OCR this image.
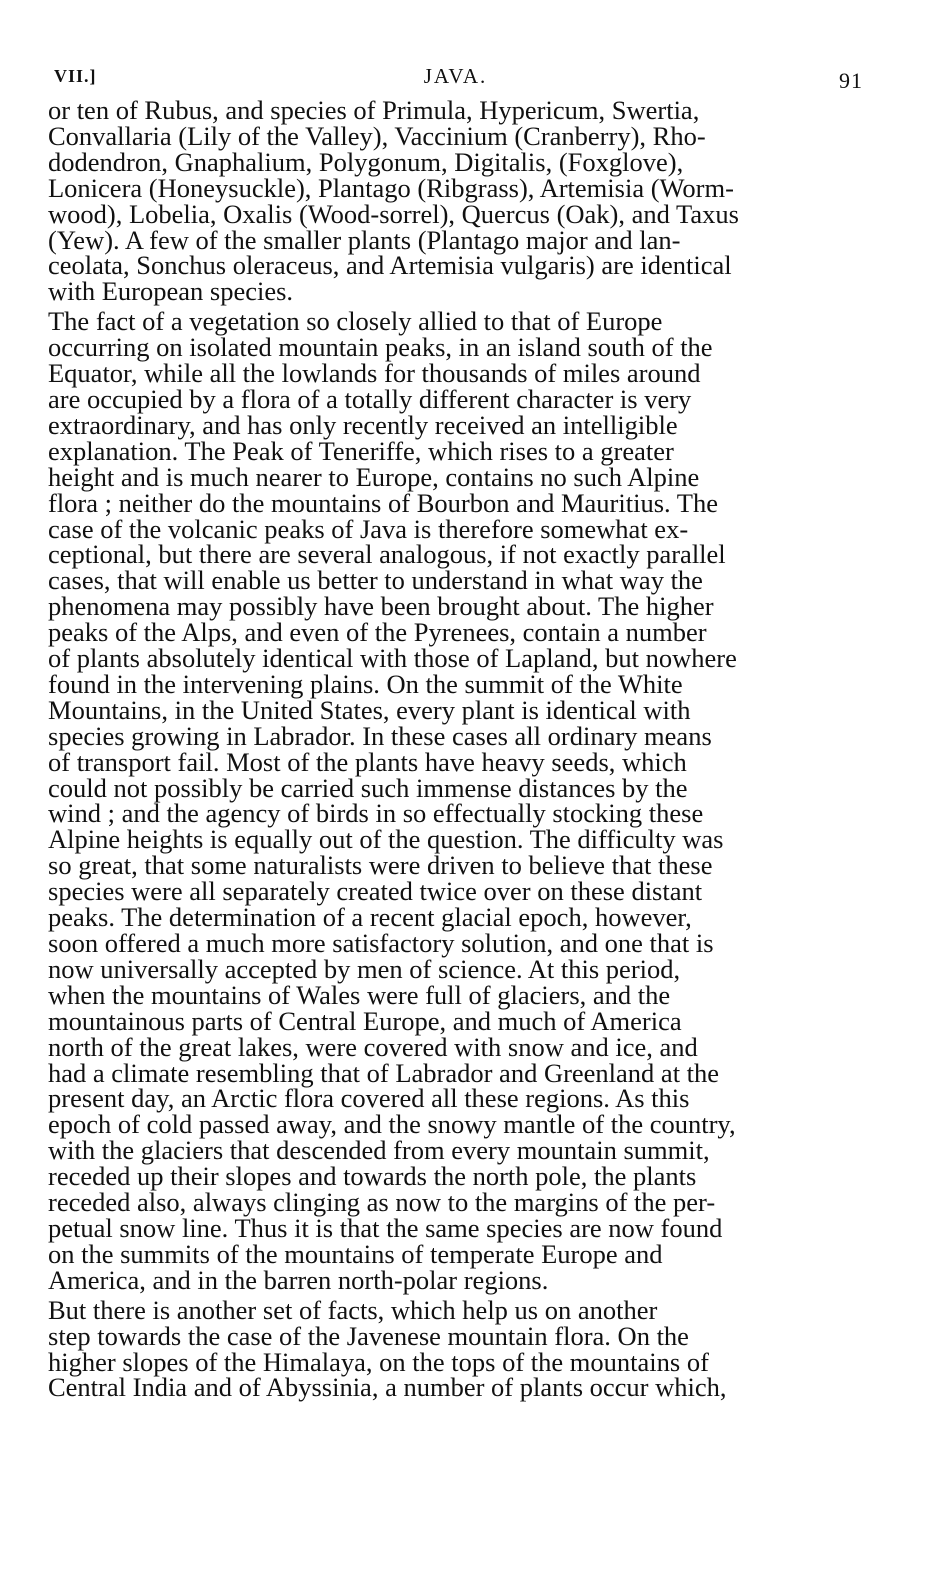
VII.]	JAVA.	91

or ten of Rubus, and species of Primula, Hypericum, Swertia,
Convallaria (Lily of the Valley), Vaccinium (Cranberry), Rho-
dodendron, Gnaphalium, Polygonum, Digitalis, (Foxglove),
Lonicera (Honeysuckle), Plantago (Ribgrass), Artemisia (Worm-
wood), Lobelia, Oxalis (Wood-sorrel), Quercus (Oak), and Taxus
(Yew). A few of the smaller plants (Plantago major and lan-
ceolata, Sonchus oleraceus, and Artemisia vulgaris) are identical
with European species.

The fact of a vegetation so closely allied to that of Europe
occurring on isolated mountain peaks, in an island south of the
Equator, while all the lowlands for thousands of miles around
are occupied by a flora of a totally different character is very
extraordinary, and has only recently received an intelligible
explanation. The Peak of Teneriffe, which rises to a greater
height and is much nearer to Europe, contains no such Alpine
flora ; neither do the mountains of Bourbon and Mauritius. The
case of the volcanic peaks of Java is therefore somewhat ex-
ceptional, but there are several analogous, if not exactly parallel
cases, that will enable us better to understand in what way the
phenomena may possibly have been brought about. The higher
peaks of the Alps, and even of the Pyrenees, contain a number
of plants absolutely identical with those of Lapland, but nowhere
found in the intervening plains. On the summit of the White
Mountains, in the United States, every plant is identical with
species growing in Labrador. In these cases all ordinary means
of transport fail. Most of the plants have heavy seeds, which
could not possibly be carried such immense distances by the
wind ; and the agency of birds in so effectually stocking these
Alpine heights is equally out of the question. The difficulty was
so great, that some naturalists were driven to believe that these
species were all separately created twice over on these distant
peaks. The determination of a recent glacial epoch, however,
soon offered a much more satisfactory solution, and one that is
now universally accepted by men of science. At this period,
when the mountains of Wales were full of glaciers, and the
mountainous parts of Central Europe, and much of America
north of the great lakes, were covered with snow and ice, and
had a climate resembling that of Labrador and Greenland at the
present day, an Arctic flora covered all these regions. As this
epoch of cold passed away, and the snowy mantle of the country,
with the glaciers that descended from every mountain summit,
receded up their slopes and towards the north pole, the plants
receded also, always clinging as now to the margins of the per-
petual snow line. Thus it is that the same species are now found
on the summits of the mountains of temperate Europe and
America, and in the barren north-polar regions.

But there is another set of facts, which help us on another
step towards the case of the Javenese mountain flora. On the
higher slopes of the Himalaya, on the tops of the mountains of
Central India and of Abyssinia, a number of plants occur which,
